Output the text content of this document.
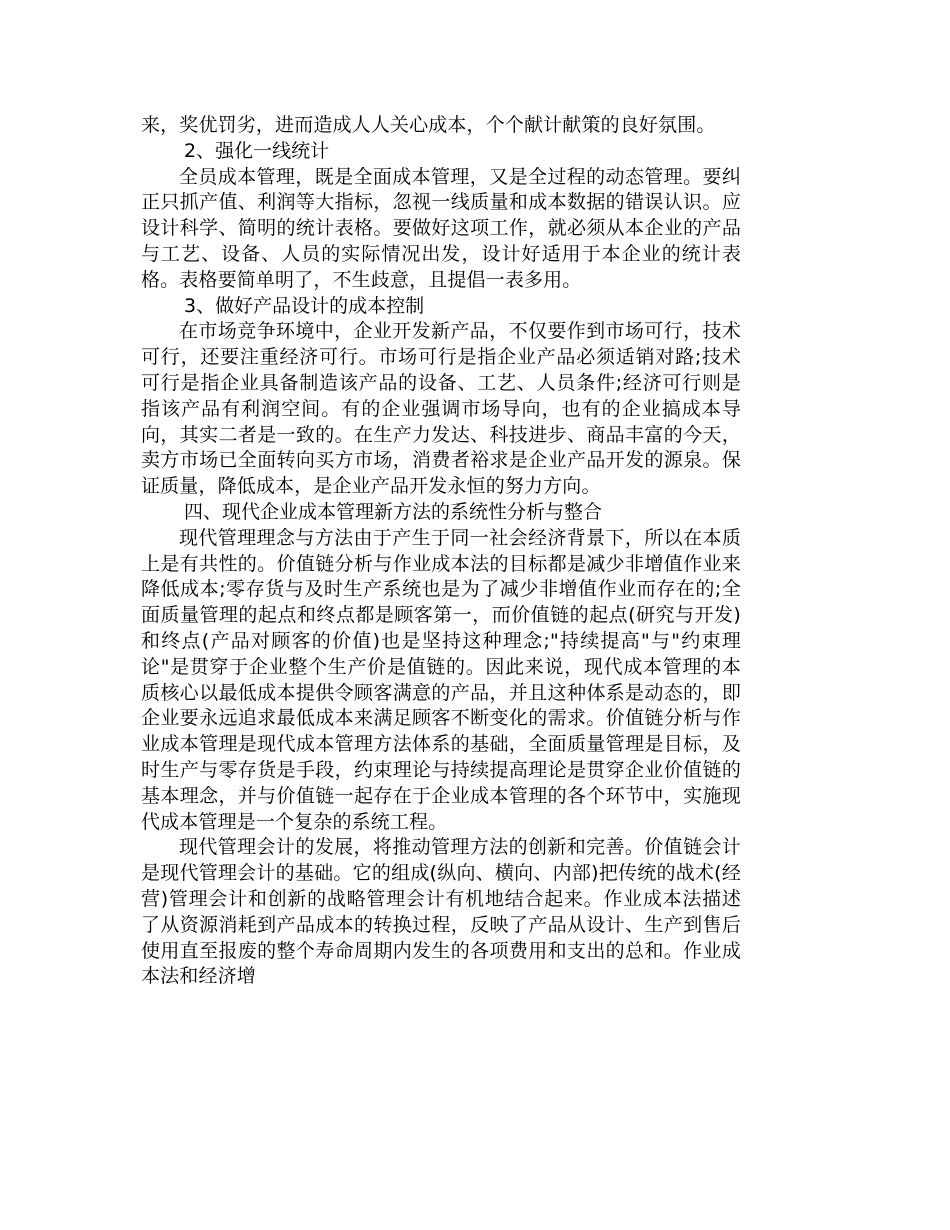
来，奖优罚劣，进而造成人人关心成本，个个献计献策的良好氛围。

2、强化一线统计

全员成本管理，既是全面成本管理，又是全过程的动态管理。要纠正只抓产值、利润等大指标，忽视一线质量和成本数据的错误认识。应设计科学、简明的统计表格。要做好这项工作，就必须从本企业的产品与工艺、设备、人员的实际情况出发，设计好适用于本企业的统计表格。表格要简单明了，不生歧意，且提倡一表多用。

3、做好产品设计的成本控制

在市场竞争环境中，企业开发新产品，不仅要作到市场可行，技术可行，还要注重经济可行。市场可行是指企业产品必须适销对路;技术可行是指企业具备制造该产品的设备、工艺、人员条件;经济可行则是指该产品有利润空间。有的企业强调市场导向，也有的企业搞成本导向，其实二者是一致的。在生产力发达、科技进步、商品丰富的今天，卖方市场已全面转向买方市场，消费者裕求是企业产品开发的源泉。保证质量，降低成本，是企业产品开发永恒的努力方向。

四、现代企业成本管理新方法的系统性分析与整合

现代管理理念与方法由于产生于同一社会经济背景下，所以在本质上是有共性的。价值链分析与作业成本法的目标都是减少非增值作业来降低成本;零存货与及时生产系统也是为了减少非增值作业而存在的;全面质量管理的起点和终点都是顾客第一，而价值链的起点(研究与开发)和终点(产品对顾客的价值)也是坚持这种理念;"持续提高"与"约束理论"是贯穿于企业整个生产价是值链的。因此来说，现代成本管理的本质核心以最低成本提供令顾客满意的产品，并且这种体系是动态的，即企业要永远追求最低成本来满足顾客不断变化的需求。价值链分析与作业成本管理是现代成本管理方法体系的基础，全面质量管理是目标，及时生产与零存货是手段，约束理论与持续提高理论是贯穿企业价值链的基本理念，并与价值链一起存在于企业成本管理的各个环节中，实施现代成本管理是一个复杂的系统工程。

现代管理会计的发展，将推动管理方法的创新和完善。价值链会计是现代管理会计的基础。它的组成(纵向、横向、内部)把传统的战术(经营)管理会计和创新的战略管理会计有机地结合起来。作业成本法描述了从资源消耗到产品成本的转换过程，反映了产品从设计、生产到售后使用直至报废的整个寿命周期内发生的各项费用和支出的总和。作业成本法和经济增
